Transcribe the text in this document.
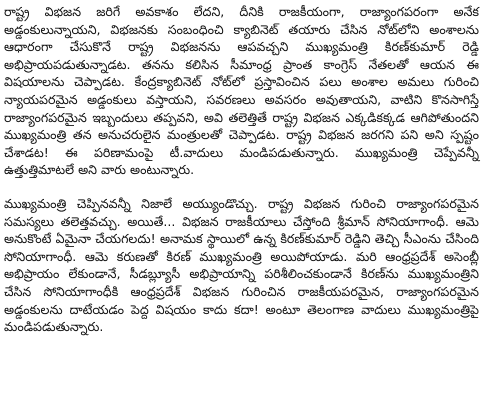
రాష్ట్ర విభజన జరిగే అవకాశం లేదని, దీనికి రాజకీయంగా, రాజ్యాంగపరంగా అనేక అడ్డంకులున్నాయని, విభజనకు సంబంధించి క్యాబినెట్ తయారు చేసిన నోట్‌లోని అంశాలను ఆధారంగా చేసుకొనే రాష్ట్ర విభజనను ఆపవచ్చని ముఖ్యమంత్రి కిరణ్‌కుమార్ రెడ్డి అభిప్రాయపడుతున్నాడట. తనను కలిసిన సీమాంధ్ర ప్రాంత కాంగ్రెస్ నేతలతో ఆయన ఈ విషయాలను చెప్పాడట. కేంద్రక్యాబినెట్ నోట్‌లో ప్రస్తావించిన పలు అంశాల అమలు గురించి న్యాయపరమైన అడ్డంకులు వస్తాయని, సవరణలు అవసరం అవుతాయని, వాటిని కొనసాగిస్తే రాజ్యాంగపరమైన ఇబ్బందులు తప్పవని, అవి తలెత్తితే రాష్ట్ర విభజన ఎక్కడికక్కడ ఆగిపోతుందని ముఖ్యమంత్రి తన అనుచరులైన మంత్రులతో చెప్పాడట. రాష్ట్ర విభజన జరగని పని అని స్పష్టం చేశాడట! ఈ పరిణామంపై టీ.వాదులు మండిపడుతున్నారు. ముఖ్యమంత్రి చెప్పేవన్నీ ఉత్తుత్తిమాటలే అని వారు అంటున్నారు.

ముఖ్యమంత్రి చెప్పినవన్నీ నిజాలే అయ్యుండొచ్చు. రాష్ట్ర విభజన గురించి రాజ్యాంగపరమైన సమస్యలు తలెత్తవచ్చు. అయితే... విభజన రాజకీయాలు చేస్తోంది శ్రీమాన్ సోనియాగాంధీ. ఆమె అనుకొంటే ఏమైనా చేయగలదు! అనామక స్థాయిలో ఉన్న కిరణ్‌కుమార్ రెడ్డిని తెచ్చి సీఎంను చేసింది సోనియాగాంధీ. ఆమె కరుణతో కిరణ్ ముఖ్యమంత్రి అయిపోయాడు. మరి ఆంధ్రప్రదేశ్ అసెంబ్లీ అభిప్రాయం లేకుండానే, సీడబ్ల్యూసీ అభిప్రాయాన్ని పరిశీలించకుండానే కిరణ్‌ను ముఖ్యమంత్రిని చేసిన సోనియాగాంధీకి ఆంధ్రప్రదేశ్ విభజన గురించిన రాజకీయపరమైన, రాజ్యాంగపరమైన అడ్డంకులను దాటేయడం పెద్ద విషయం కాదు కదా! అంటూ తెలంగాణ వాదులు ముఖ్యమంత్రిపై మండిపడుతున్నారు.
